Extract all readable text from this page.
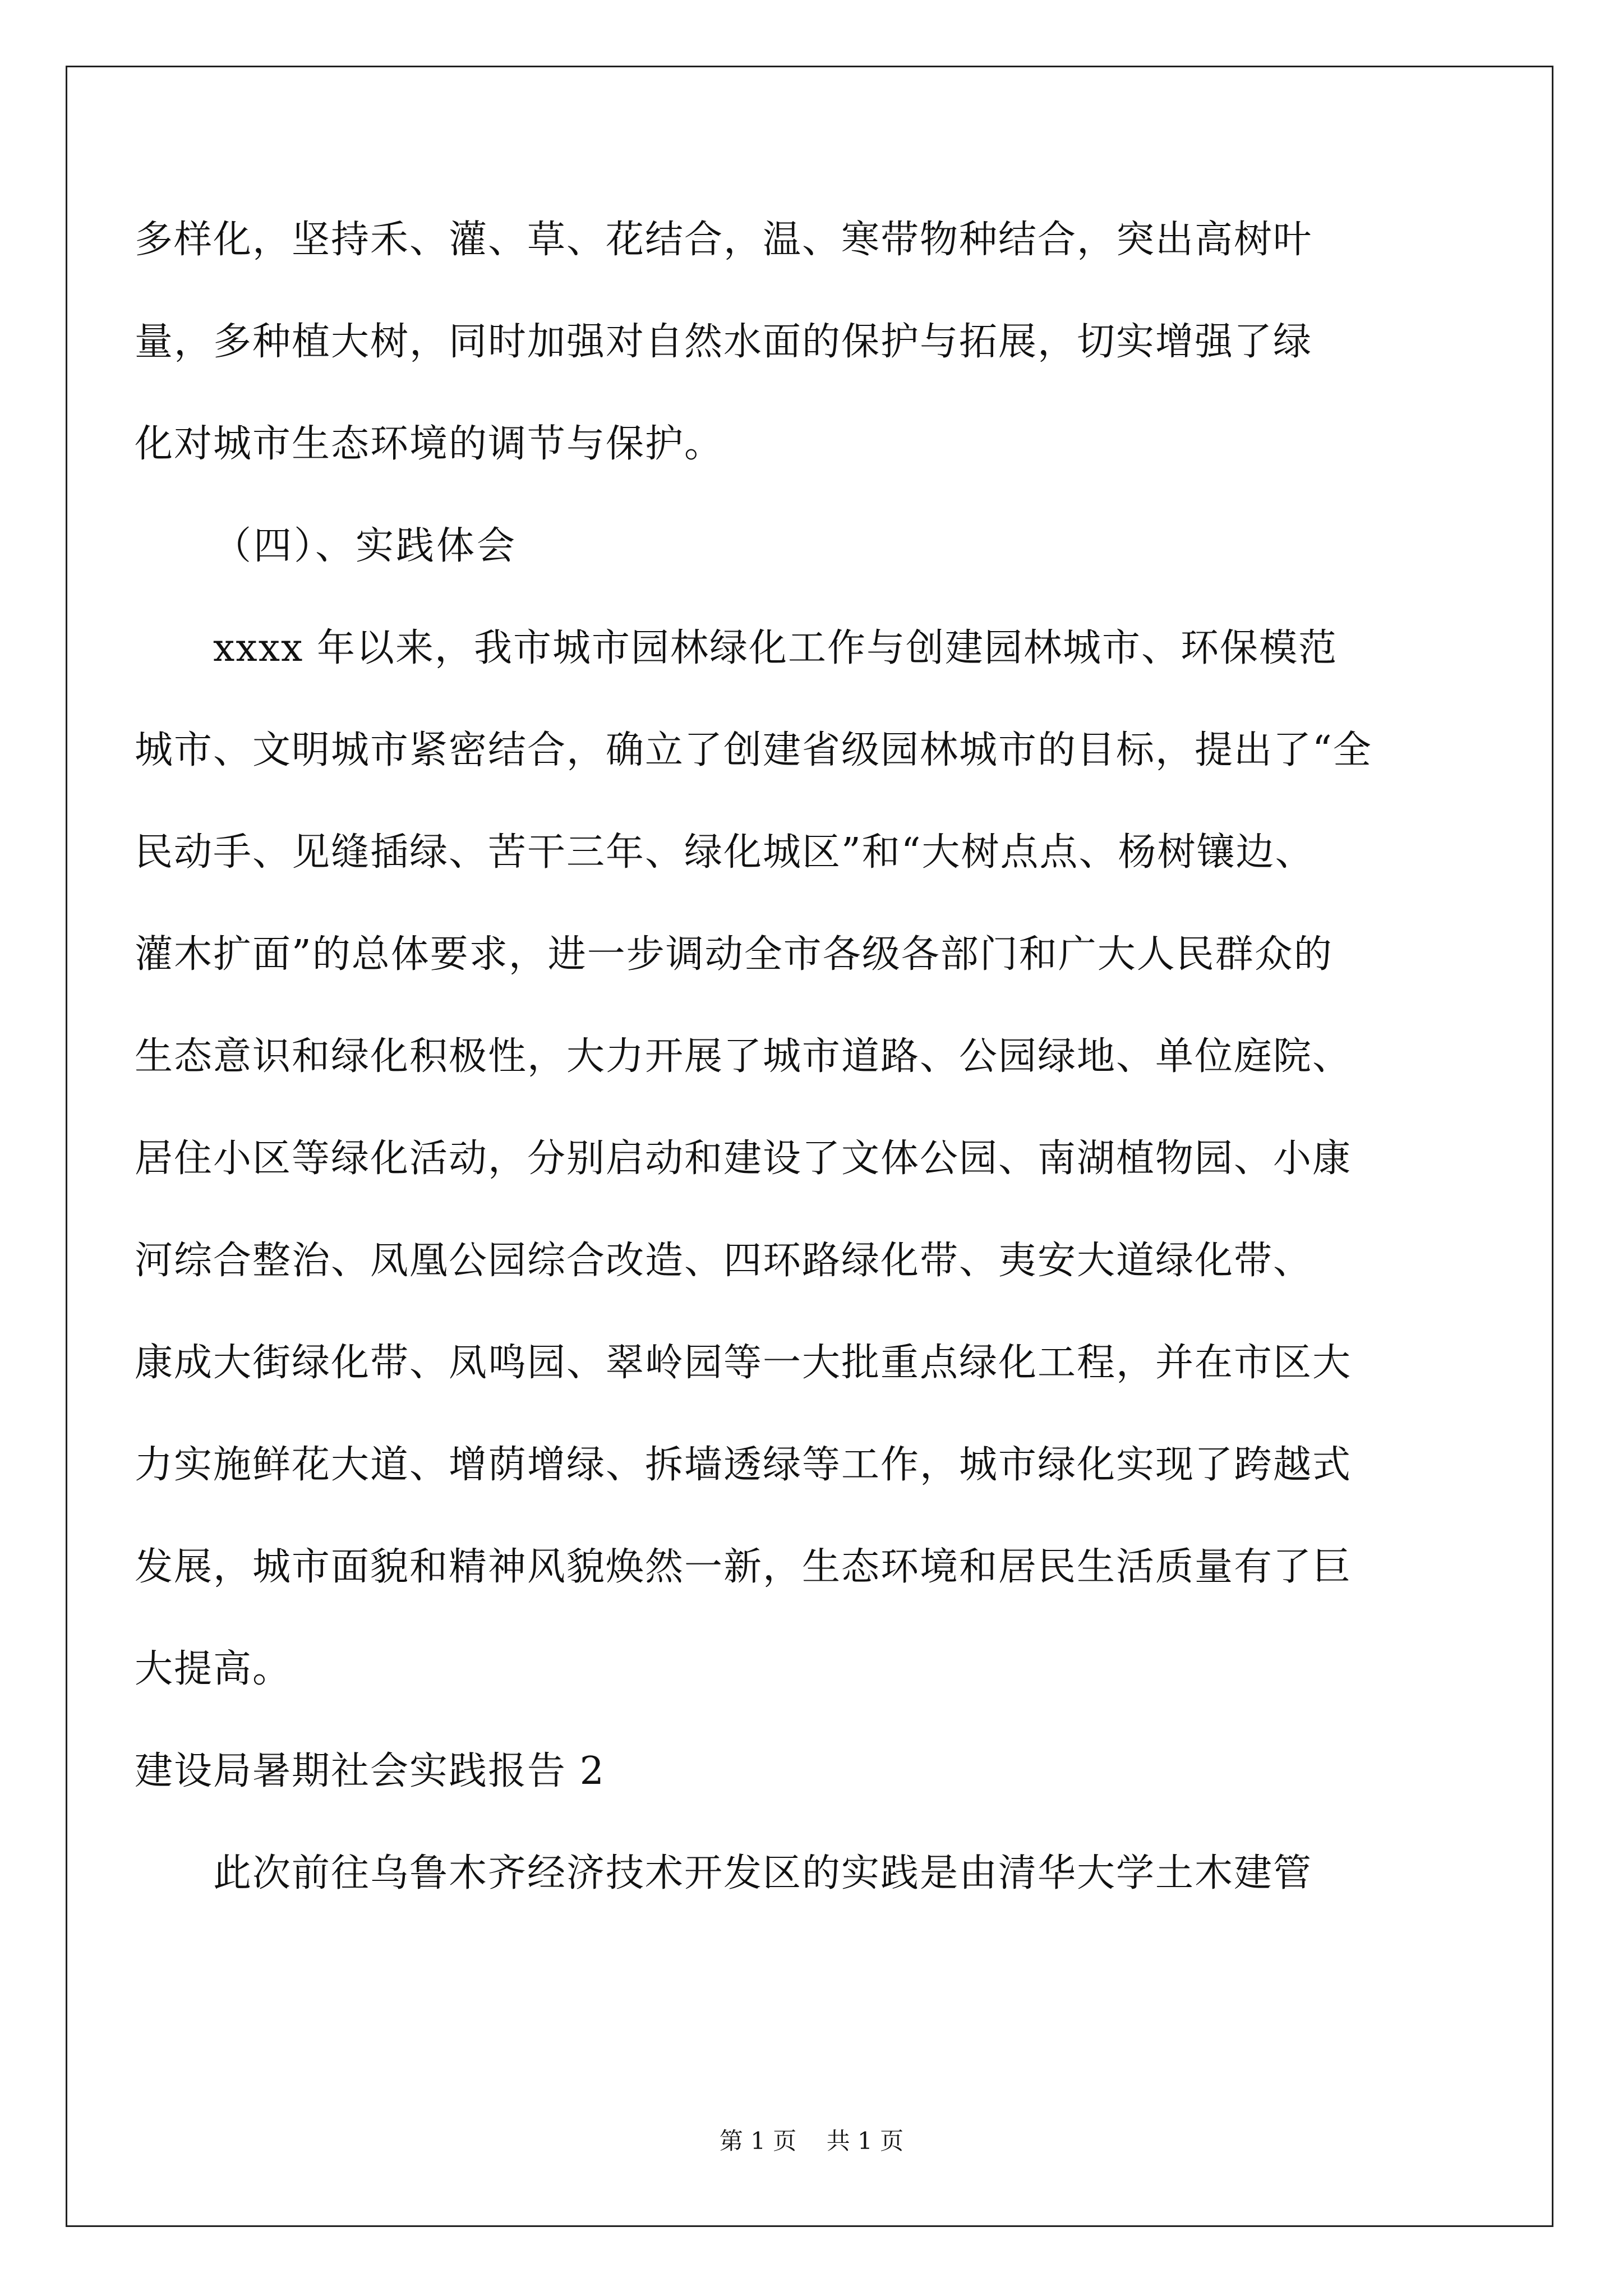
多样化，坚持禾、灌、草、花结合，温、寒带物种结合，突出高树叶
量，多种植大树，同时加强对自然水面的保护与拓展，切实增强了绿
化对城市生态环境的调节与保护。
（四）、实践体会
xxxx 年以来，我市城市园林绿化工作与创建园林城市、环保模范
城市、文明城市紧密结合，确立了创建省级园林城市的目标，提出了“全
民动手、见缝插绿、苦干三年、绿化城区”和“大树点点、杨树镶边、
灌木扩面”的总体要求，进一步调动全市各级各部门和广大人民群众的
生态意识和绿化积极性，大力开展了城市道路、公园绿地、单位庭院、
居住小区等绿化活动，分别启动和建设了文体公园、南湖植物园、小康
河综合整治、凤凰公园综合改造、四环路绿化带、夷安大道绿化带、
康成大街绿化带、凤鸣园、翠岭园等一大批重点绿化工程，并在市区大
力实施鲜花大道、增荫增绿、拆墙透绿等工作，城市绿化实现了跨越式
发展，城市面貌和精神风貌焕然一新，生态环境和居民生活质量有了巨
大提高。
建设局暑期社会实践报告 2
此次前往乌鲁木齐经济技术开发区的实践是由清华大学土木建管
第 1 页    共 1 页
